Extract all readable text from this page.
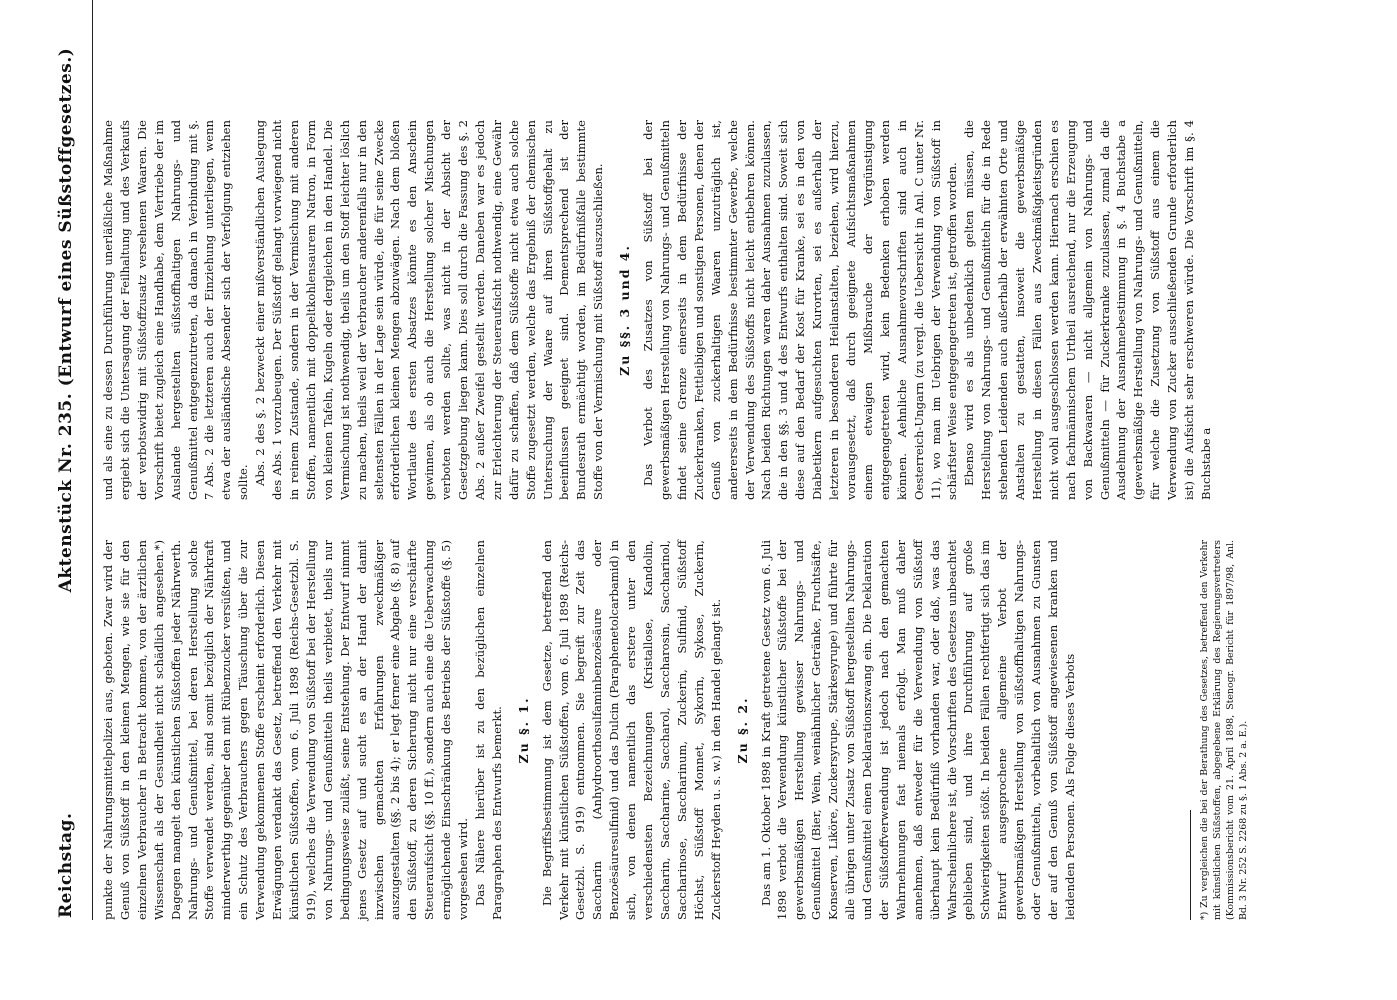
Reichstag.
Aktenstück Nr. 235. (Entwurf eines Süßstoffgesetzes.)

punkte der Nahrungsmittelpolizei aus, geboten. Zwar wird der Genuß von Süßstoff in den kleinen Mengen, wie sie für den einzelnen Verbraucher in Betracht kommen, von der ärztlichen Wissenschaft als der Gesundheit nicht schädlich angesehen.*) Dagegen mangelt den künstlichen Süßstoffen jeder Nährwerth. Nahrungs- und Genußmittel, bei deren Herstellung solche Stoffe verwendet werden, sind somit bezüglich der Nährkraft minderwerthig gegenüber den mit Rübenzucker versüßten, und ein Schutz des Verbrauchers gegen Täuschung über die zur Verwendung gekommenen Stoffe erscheint erforderlich. Diesen Erwägungen verdankt das Gesetz, betreffend den Verkehr mit künstlichen Süßstoffen, vom 6. Juli 1898 (Reichs-Gesetzbl. S. 919), welches die Verwendung von Süßstoff bei der Herstellung von Nahrungs- und Genußmitteln theils verbietet, theils nur bedingungsweise zuläßt, seine Entstehung. Der Entwurf nimmt jenes Gesetz auf und sucht es an der Hand der damit inzwischen gemachten Erfahrungen zweckmäßiger auszugestalten (§§. 2 bis 4); er legt ferner eine Abgabe (§. 8) auf den Süßstoff, zu deren Sicherung nicht nur eine verschärfte Steueraufsicht (§§. 10 ff.), sondern auch eine die Ueberwachung ermöglichende Einschränkung des Betriebs der Süßstoffe (§. 5) vorgesehen wird. Das Nähere hierüber ist zu den bezüglichen einzelnen Paragraphen des Entwurfs bemerkt. Zu §. 1. Die Begriffsbestimmung ist dem Gesetze, betreffend den Verkehr mit künstlichen Süßstoffen, vom 6. Juli 1898 (Reichs-Gesetzbl. S. 919) entnommen. Sie begreift zur Zeit das Saccharin (Anhydroorthosulfaminbenzoësäure oder Benzoësäuresulfinid) und das Dulcin (Paraphenetolcarbamid) in sich, von denen namentlich das erstere unter den verschiedensten Bezeichnungen (Kristallose, Kandolin, Saccharin, Saccharine, Saccharol, Saccharosin, Saccharinol, Saccharinose, Saccharinum, Zuckerin, Sulfinid, Süßstoff Höchst, Süßstoff Monnet, Sykorin, Sykose, Zuckerin, Zuckerstoff Heyden u. s. w.) in den Handel gelangt ist. Zu §. 2. Das am 1. Oktober 1898 in Kraft getretene Gesetz vom 6. Juli 1898 verbot die Verwendung künstlicher Süßstoffe bei der gewerbsmäßigen Herstellung gewisser Nahrungs- und Genußmittel (Bier, Wein, weinähnlicher Getränke, Fruchtsäfte, Konserven, Liköre, Zuckersyrupe, Stärkesyrupe) und führte für alle übrigen unter Zusatz von Süßstoff hergestellten Nahrungs- und Genußmittel einen Deklarationszwang ein. Die Deklaration der Süßstoffverwendung ist jedoch nach den gemachten Wahrnehmungen fast niemals erfolgt. Man muß daher annehmen, daß entweder für die Verwendung von Süßstoff überhaupt kein Bedürfniß vorhanden war, oder daß, was das Wahrscheinlichere ist, die Vorschriften des Gesetzes unbeachtet geblieben sind, und ihre Durchführung auf große Schwierigkeiten stößt. In beiden Fällen rechtfertigt sich das im Entwurf ausgesprochene allgemeine Verbot der gewerbsmäßigen Herstellung von süßstoffhaltigen Nahrungs- oder Genußmitteln, vorbehaltlich von Ausnahmen zu Gunsten der auf den Genuß von Süßstoff angewiesenen kranken und leidenden Personen. Als Folge dieses Verbots

und als eine zu dessen Durchführung unerläßliche Maßnahme ergiebt sich die Untersagung der Feilhaltung und des Verkaufs der verbotswidrig mit Süßstoffzusatz versehenen Waaren. Die Vorschrift bietet zugleich eine Handhabe, dem Vertriebe der im Auslande hergestellten süßstoffhaltigen Nahrungs- und Genußmittel entgegenzutreten, da danach in Verbindung mit §. 7 Abs. 2 die letzteren auch der Einziehung unterliegen, wenn etwa der ausländische Absender sich der Verfolgung entziehen sollte. Abs. 2 des §. 2 bezweckt einer mißverständlichen Auslegung des Abs. 1 vorzubeugen. Der Süßstoff gelangt vorwiegend nicht in reinem Zustande, sondern in der Vermischung mit anderen Stoffen, namentlich mit doppeltkohlensaurem Natron, in Form von kleinen Tafeln, Kugeln oder dergleichen in den Handel. Die Vermischung ist nothwendig, theils um den Stoff leichter löslich zu machen, theils weil der Verbraucher anderenfalls nur in den seltensten Fällen in der Lage sein würde, die für seine Zwecke erforderlichen kleinen Mengen abzuwägen. Nach dem bloßen Wortlaute des ersten Absatzes könnte es den Anschein gewinnen, als ob auch die Herstellung solcher Mischungen verboten werden sollte, was nicht in der Absicht der Gesetzgebung liegen kann. Dies soll durch die Fassung des §. 2 Abs. 2 außer Zweifel gestellt werden. Daneben war es jedoch zur Erleichterung der Steueraufsicht nothwendig, eine Gewähr dafür zu schaffen, daß dem Süßstoffe nicht etwa auch solche Stoffe zugesetzt werden, welche das Ergebniß der chemischen Untersuchung der Waare auf ihren Süßstoffgehalt zu beeinflussen geeignet sind. Dementsprechend ist der Bundesrath ermächtigt worden, im Bedürfnißfalle bestimmte Stoffe von der Vermischung mit Süßstoff auszuschließen. Zu §§. 3 und 4. Das Verbot des Zusatzes von Süßstoff bei der gewerbsmäßigen Herstellung von Nahrungs- und Genußmitteln findet seine Grenze einerseits in dem Bedürfnisse der Zuckerkranken, Fettleibigen und sonstigen Personen, denen der Genuß von zuckerhaltigen Waaren unzuträglich ist, andererseits in dem Bedürfnisse bestimmter Gewerbe, welche der Verwendung des Süßstoffs nicht leicht entbehren können. Nach beiden Richtungen waren daher Ausnahmen zuzulassen, die in den §§. 3 und 4 des Entwurfs enthalten sind. Soweit sich diese auf den Bedarf der Kost für Kranke, sei es in den von Diabetikern aufgesuchten Kurorten, sei es außerhalb der letzteren in besonderen Heilanstalten, beziehen, wird hierzu, vorausgesetzt, daß durch geeignete Aufsichtsmaßnahmen einem etwaigen Mißbrauche der Vergünstigung entgegengetreten wird, kein Bedenken erhoben werden können. Aehnliche Ausnahmevorschriften sind auch in Oesterreich-Ungarn (zu vergl. die Uebersicht in Anl. C unter Nr. 11), wo man im Uebrigen der Verwendung von Süßstoff in schärfster Weise entgegengetreten ist, getroffen worden. Ebenso wird es als unbedenklich gelten müssen, die Herstellung von Nahrungs- und Genußmitteln für die in Rede stehenden Leidenden auch außerhalb der erwähnten Orte und Anstalten zu gestatten, insoweit die gewerbsmäßige Herstellung in diesen Fällen aus Zweckmäßigkeitsgründen nicht wohl ausgeschlossen werden kann. Hiernach erschien es nach fachmännischem Urtheil ausreichend, nur die Erzeugung von Backwaaren — nicht allgemein von Nahrungs- und Genußmitteln — für Zuckerkranke zuzulassen, zumal da die Ausdehnung der Ausnahmebestimmung in §. 4 Buchstabe a (gewerbsmäßige Herstellung von Nahrungs- und Genußmitteln, für welche die Zusetzung von Süßstoff aus einem die Verwendung von Zucker ausschließenden Grunde erforderlich ist) die Aufsicht sehr erschweren würde. Die Vorschrift im §. 4 Buchstabe a

*) Zu vergleichen die bei der Berathung des Gesetzes, betreffend den Verkehr mit künstlichen Süßstoffen, abgegebene Erklärung des Regierungsvertreters (Kommissionsbericht vom 21. April 1898, Stenogr. Bericht für 1897/98, Anl. Bd. 3 Nr. 252 S. 2268 zu §. 1 Abs. 2 a. E.).
